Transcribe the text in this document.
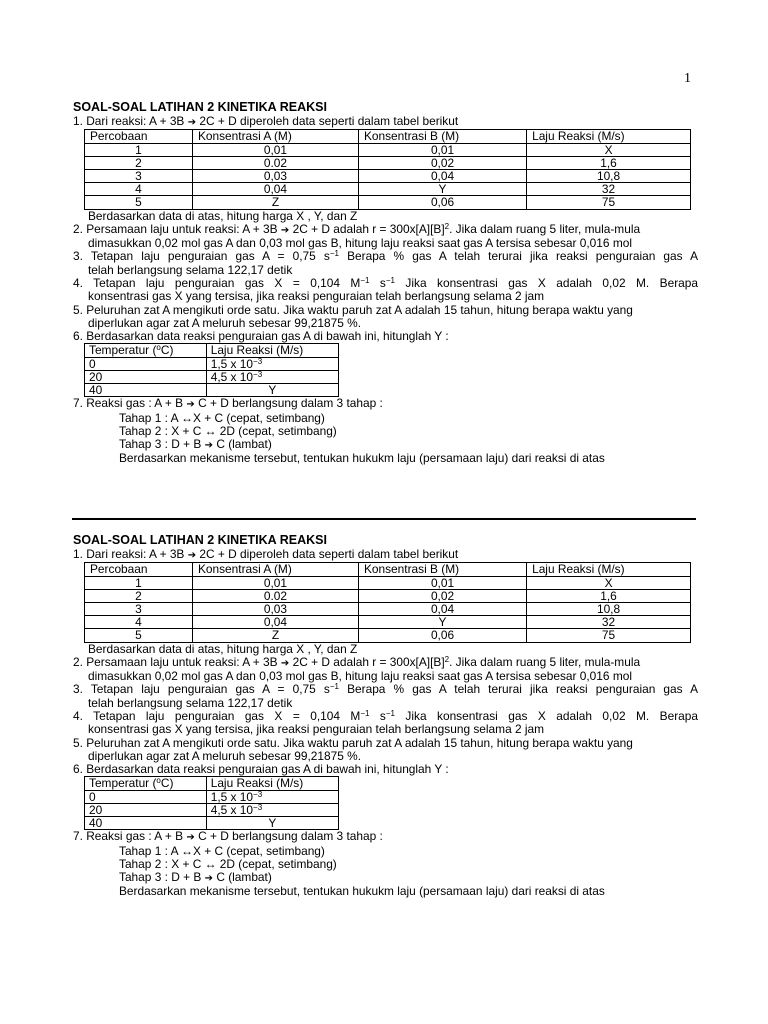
1
SOAL-SOAL LATIHAN 2 KINETIKA REAKSI
1. Dari reaksi: A + 3B ➔ 2C + D diperoleh data seperti dalam tabel berikut
Percobaan	Konsentrasi A (M)	Konsentrasi B (M)	Laju Reaksi (M/s)
1	0,01	0,01	X
2	0.02	0,02	1,6
3	0,03	0,04	10,8
4	0,04	Y	32
5	Z	0,06	75
Berdasarkan data di atas, hitung harga X , Y, dan Z
2. Persamaan laju untuk reaksi: A + 3B ➔ 2C + D adalah $r = 300x[A][B]^2$. Jika dalam ruang 5 liter, mula-mula
dimasukkan 0,02 mol gas A dan 0,03 mol gas B, hitung laju reaksi saat gas A tersisa sebesar 0,016 mol
3. Tetapan laju penguraian gas A = 0,75 $s^{-1}$ Berapa % gas A telah terurai jika reaksi penguraian gas A
telah berlangsung selama 122,17 detik
4. Tetapan laju penguraian gas X = 0,104 $M^{-1}$ $s^{-1}$ Jika konsentrasi gas X adalah 0,02 M. Berapa
konsentrasi gas X yang tersisa, jika reaksi penguraian telah berlangsung selama 2 jam
5. Peluruhan zat A mengikuti orde satu. Jika waktu paruh zat A adalah 15 tahun, hitung berapa waktu yang
diperlukan agar zat A meluruh sebesar 99,21875 %.
6. Berdasarkan data reaksi penguraian gas A di bawah ini, hitunglah Y :
Temperatur ($^o$C)	Laju Reaksi (M/s)
0	1,5 x $10^{-3}$
20	4,5 x $10^{-3}$
40	Y
7. Reaksi gas : A + B ➔ C + D berlangsung dalam 3 tahap :
Tahap 1 : A ↔X + C (cepat, setimbang)
Tahap 2 : X + C ↔ 2D (cepat, setimbang)
Tahap 3 : D + B ➔ C (lambat)
Berdasarkan mekanisme tersebut, tentukan hukukm laju (persamaan laju) dari reaksi di atas
SOAL-SOAL LATIHAN 2 KINETIKA REAKSI
1. Dari reaksi: A + 3B ➔ 2C + D diperoleh data seperti dalam tabel berikut
Percobaan	Konsentrasi A (M)	Konsentrasi B (M)	Laju Reaksi (M/s)
1	0,01	0,01	X
2	0.02	0,02	1,6
3	0,03	0,04	10,8
4	0,04	Y	32
5	Z	0,06	75
Berdasarkan data di atas, hitung harga X , Y, dan Z
2. Persamaan laju untuk reaksi: A + 3B ➔ 2C + D adalah $r = 300x[A][B]^2$. Jika dalam ruang 5 liter, mula-mula
dimasukkan 0,02 mol gas A dan 0,03 mol gas B, hitung laju reaksi saat gas A tersisa sebesar 0,016 mol
3. Tetapan laju penguraian gas A = 0,75 $s^{-1}$ Berapa % gas A telah terurai jika reaksi penguraian gas A
telah berlangsung selama 122,17 detik
4. Tetapan laju penguraian gas X = 0,104 $M^{-1}$ $s^{-1}$ Jika konsentrasi gas X adalah 0,02 M. Berapa
konsentrasi gas X yang tersisa, jika reaksi penguraian telah berlangsung selama 2 jam
5. Peluruhan zat A mengikuti orde satu. Jika waktu paruh zat A adalah 15 tahun, hitung berapa waktu yang
diperlukan agar zat A meluruh sebesar 99,21875 %.
6. Berdasarkan data reaksi penguraian gas A di bawah ini, hitunglah Y :
Temperatur ($^o$C)	Laju Reaksi (M/s)
0	1,5 x $10^{-3}$
20	4,5 x $10^{-3}$
40	Y
7. Reaksi gas : A + B ➔ C + D berlangsung dalam 3 tahap :
Tahap 1 : A ↔X + C (cepat, setimbang)
Tahap 2 : X + C ↔ 2D (cepat, setimbang)
Tahap 3 : D + B ➔ C (lambat)
Berdasarkan mekanisme tersebut, tentukan hukukm laju (persamaan laju) dari reaksi di atas
